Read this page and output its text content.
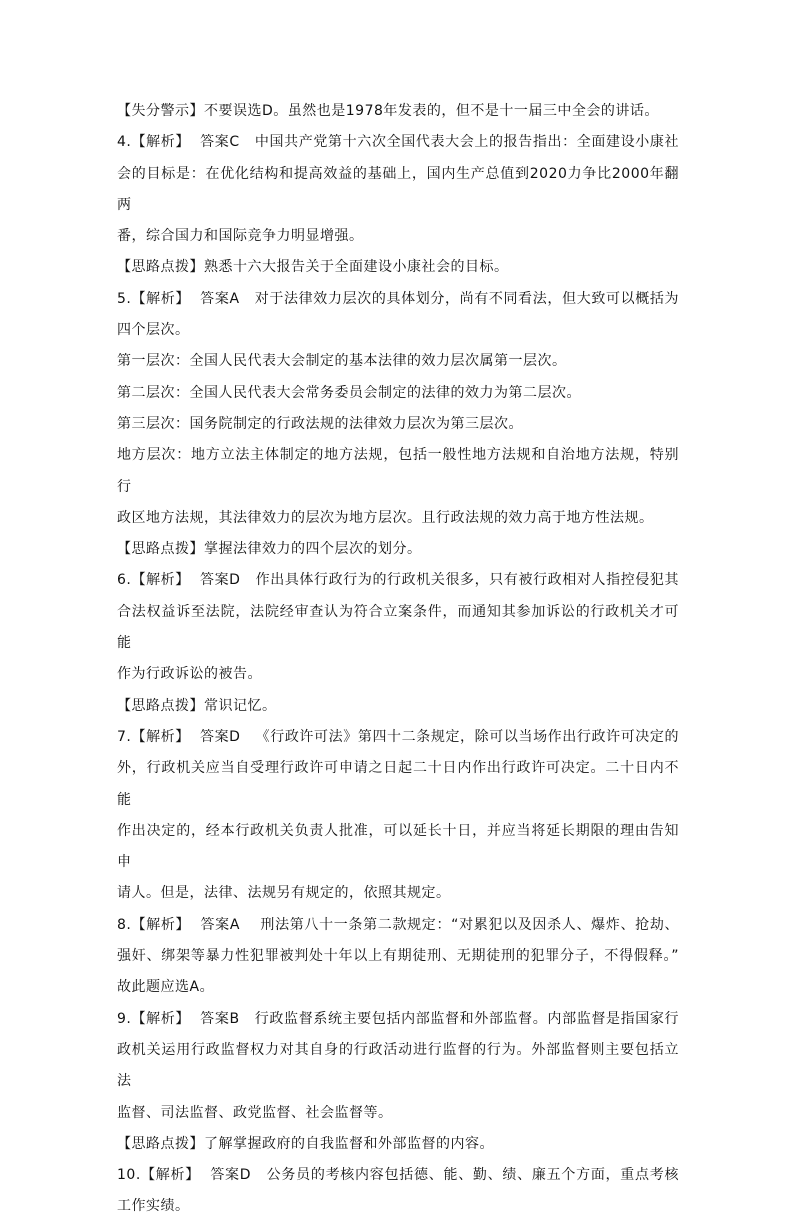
【失分警示】不要误选D。虽然也是1978年发表的，但不是十一届三中全会的讲话。
4.【解析】  答案C   中国共产党第十六次全国代表大会上的报告指出：全面建设小康社
会的目标是：在优化结构和提高效益的基础上，国内生产总值到2020力争比2000年翻两
番，综合国力和国际竞争力明显增强。
【思路点拨】熟悉十六大报告关于全面建设小康社会的目标。
5.【解析】  答案A   对于法律效力层次的具体划分，尚有不同看法，但大致可以概括为
四个层次。
第一层次：全国人民代表大会制定的基本法律的效力层次属第一层次。
第二层次：全国人民代表大会常务委员会制定的法律的效力为第二层次。
第三层次：国务院制定的行政法规的法律效力层次为第三层次。
地方层次：地方立法主体制定的地方法规，包括一般性地方法规和自治地方法规，特别行
政区地方法规，其法律效力的层次为地方层次。且行政法规的效力高于地方性法规。
【思路点拨】掌握法律效力的四个层次的划分。
6.【解析】  答案D   作出具体行政行为的行政机关很多，只有被行政相对人指控侵犯其
合法权益诉至法院，法院经审查认为符合立案条件，而通知其参加诉讼的行政机关才可能
作为行政诉讼的被告。
【思路点拨】常识记忆。
7.【解析】  答案D   《行政许可法》第四十二条规定，除可以当场作出行政许可决定的
外，行政机关应当自受理行政许可申请之日起二十日内作出行政许可决定。二十日内不能
作出决定的，经本行政机关负责人批准，可以延长十日，并应当将延长期限的理由告知申
请人。但是，法律、法规另有规定的，依照其规定。
8.【解析】  答案A    刑法第八十一条第二款规定：“对累犯以及因杀人、爆炸、抢劫、
强奸、绑架等暴力性犯罪被判处十年以上有期徒刑、无期徒刑的犯罪分子，不得假释。”
故此题应选A。
9.【解析】  答案B   行政监督系统主要包括内部监督和外部监督。内部监督是指国家行
政机关运用行政监督权力对其自身的行政活动进行监督的行为。外部监督则主要包括立法
监督、司法监督、政党监督、社会监督等。
【思路点拨】了解掌握政府的自我监督和外部监督的内容。
10.【解析】  答案D   公务员的考核内容包括德、能、勤、绩、廉五个方面，重点考核
工作实绩。
